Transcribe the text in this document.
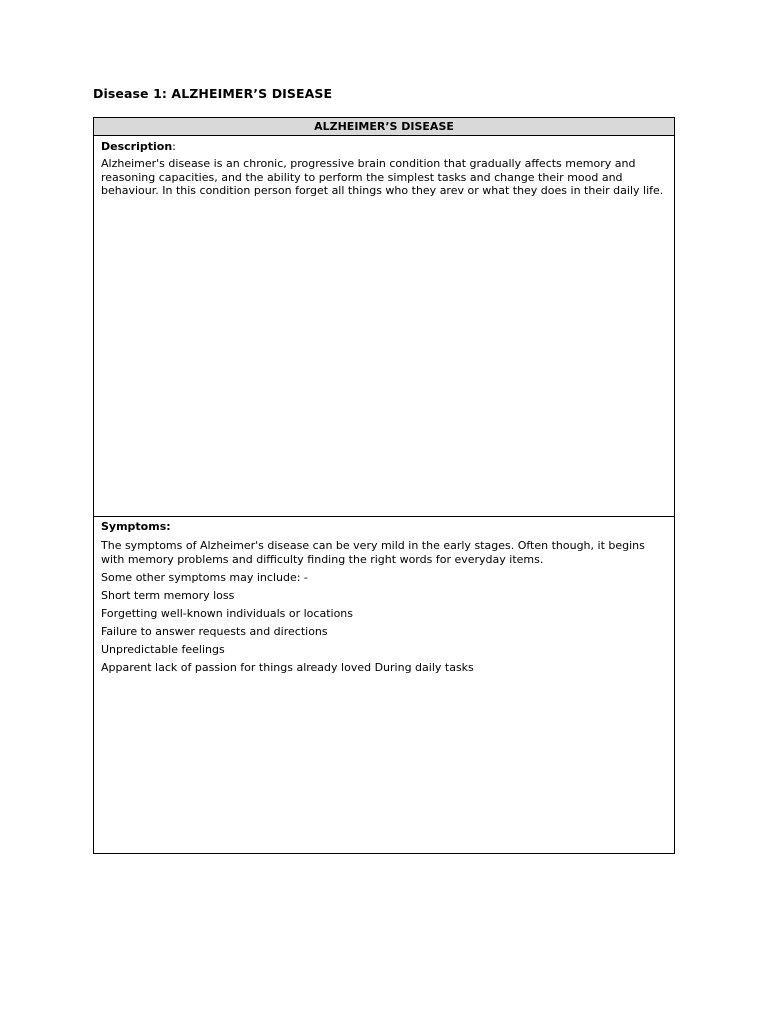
Disease 1: ALZHEIMER’S DISEASE
ALZHEIMER’S DISEASE
Description:

Alzheimer's disease is an chronic, progressive brain condition that gradually affects memory and reasoning capacities, and the ability to perform the simplest tasks and change their mood and behaviour. In this condition person forget all things who they arev or what they does in their daily life.

Symptoms:

The symptoms of Alzheimer's disease can be very mild in the early stages. Often though, it begins with memory problems and difficulty finding the right words for everyday items.

Some other symptoms may include: -
Short term memory loss
Forgetting well-known individuals or locations
Failure to answer requests and directions
Unpredictable feelings
Apparent lack of passion for things already loved During daily tasks
